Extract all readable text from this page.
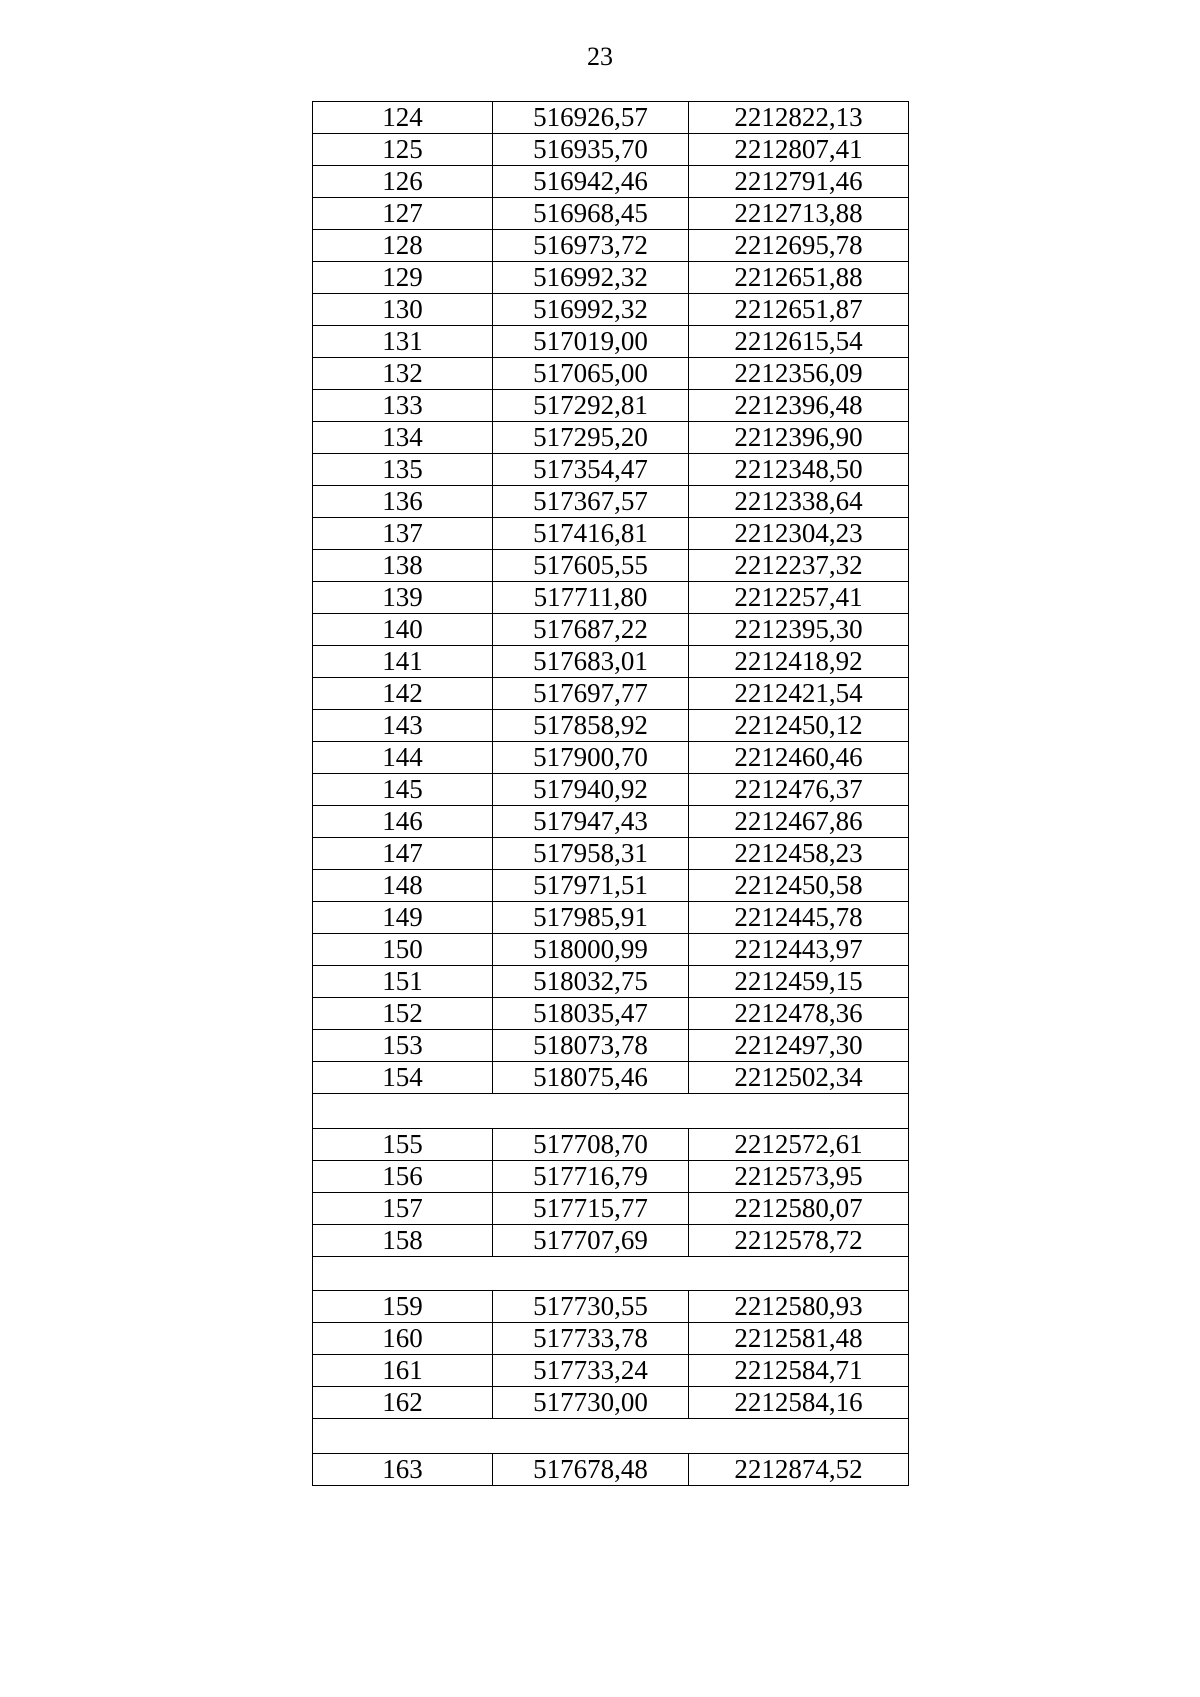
23
124	516926,57	2212822,13
125	516935,70	2212807,41
126	516942,46	2212791,46
127	516968,45	2212713,88
128	516973,72	2212695,78
129	516992,32	2212651,88
130	516992,32	2212651,87
131	517019,00	2212615,54
132	517065,00	2212356,09
133	517292,81	2212396,48
134	517295,20	2212396,90
135	517354,47	2212348,50
136	517367,57	2212338,64
137	517416,81	2212304,23
138	517605,55	2212237,32
139	517711,80	2212257,41
140	517687,22	2212395,30
141	517683,01	2212418,92
142	517697,77	2212421,54
143	517858,92	2212450,12
144	517900,70	2212460,46
145	517940,92	2212476,37
146	517947,43	2212467,86
147	517958,31	2212458,23
148	517971,51	2212450,58
149	517985,91	2212445,78
150	518000,99	2212443,97
151	518032,75	2212459,15
152	518035,47	2212478,36
153	518073,78	2212497,30
154	518075,46	2212502,34

155	517708,70	2212572,61
156	517716,79	2212573,95
157	517715,77	2212580,07
158	517707,69	2212578,72

159	517730,55	2212580,93
160	517733,78	2212581,48
161	517733,24	2212584,71
162	517730,00	2212584,16

163	517678,48	2212874,52
